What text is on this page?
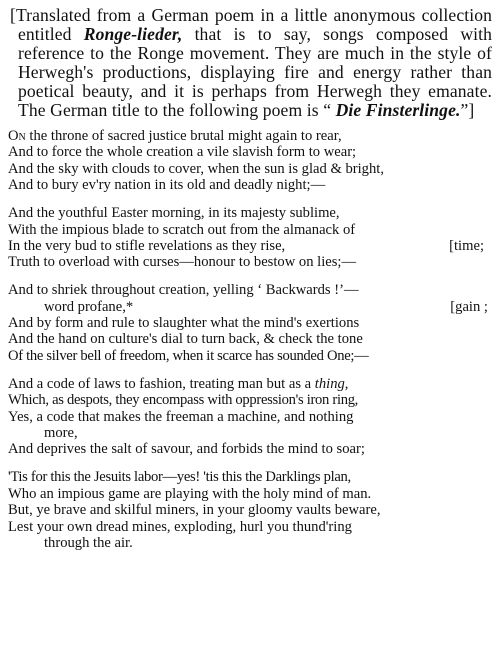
[Translated from a German poem in a little anonymous collection entitled Ronge-lieder, that is to say, songs composed with reference to the Ronge movement. They are much in the style of Herwegh's productions, displaying fire and energy rather than poetical beauty, and it is perhaps from Herwegh they emanate. The German title to the following poem is “ Die Finsterlinge.”]

On the throne of sacred justice brutal might again to rear,
And to force the whole creation a vile slavish form to wear;
And the sky with clouds to cover, when the sun is glad & bright,
And to bury ev'ry nation in its old and deadly night;—
And the youthful Easter morning, in its majesty sublime,
With the impious blade to scratch out from the almanack of
In the very bud to stifle revelations as they rise,	[time;
Truth to overload with curses—honour to bestow on lies;—
And to shriek throughout creation, yelling ‘ Backwards !’—
word profane,*	[gain ;
And by form and rule to slaughter what the mind's exertions
And the hand on culture's dial to turn back, & check the tone
Of the silver bell of freedom, when it scarce has sounded One;—
And a code of laws to fashion, treating man but as a thing,
Which, as despots, they encompass with oppression's iron ring,
Yes, a code that makes the freeman a machine, and nothing
more,
And deprives the salt of savour, and forbids the mind to soar;
'Tis for this the Jesuits labor—yes! 'tis this the Darklings plan,
Who an impious game are playing with the holy mind of man.
But, ye brave and skilful miners, in your gloomy vaults beware,
Lest your own dread mines, exploding, hurl you thund'ring
through the air.
